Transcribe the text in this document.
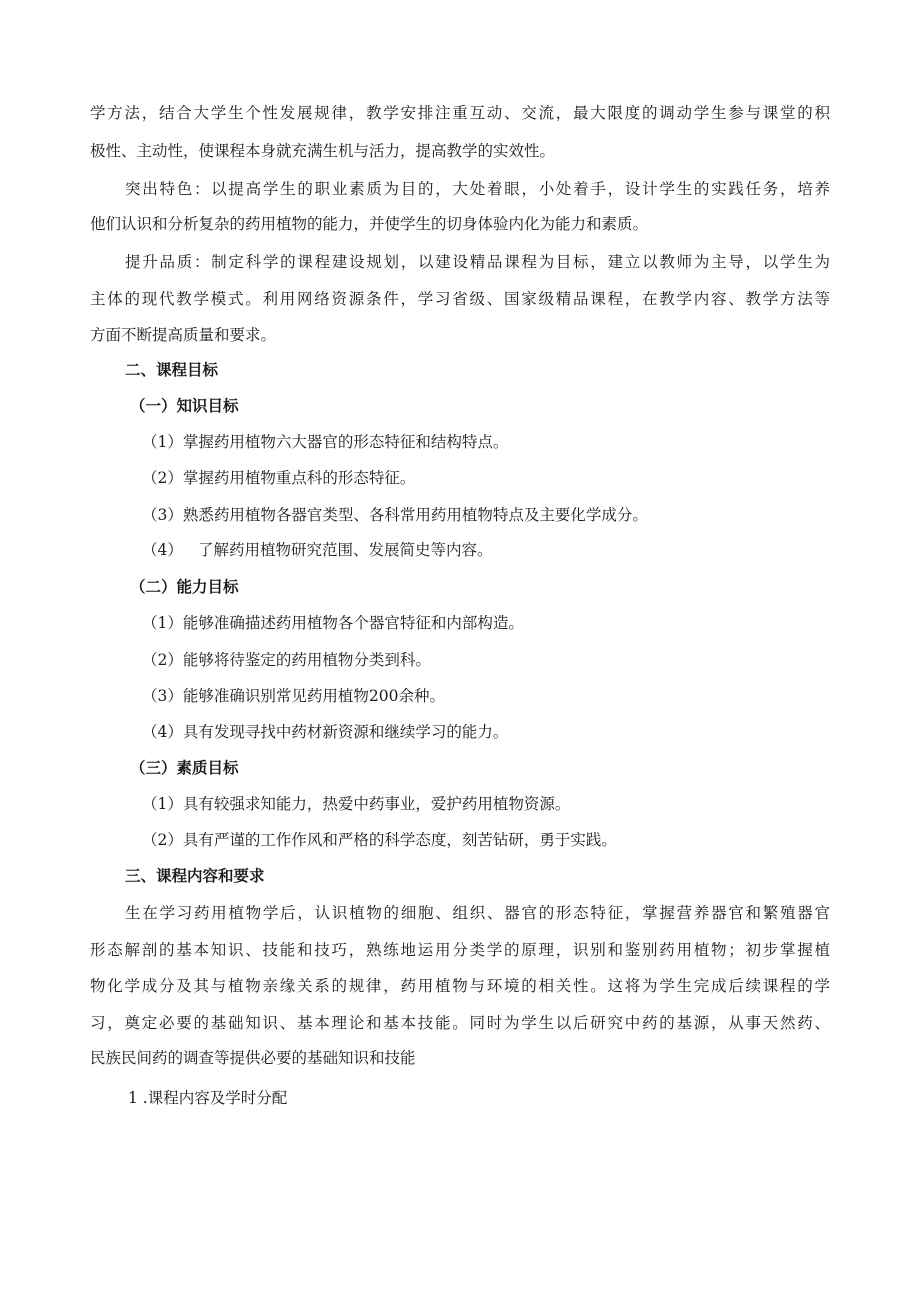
学方法，结合大学生个性发展规律，教学安排注重互动、交流，最大限度的调动学生参与课堂的积
极性、主动性，使课程本身就充满生机与活力，提高教学的实效性。
突出特色：以提高学生的职业素质为目的，大处着眼，小处着手，设计学生的实践任务，培养
他们认识和分析复杂的药用植物的能力，并使学生的切身体验内化为能力和素质。
提升品质：制定科学的课程建设规划，以建设精品课程为目标，建立以教师为主导，以学生为
主体的现代教学模式。利用网络资源条件，学习省级、国家级精品课程，在教学内容、教学方法等
方面不断提高质量和要求。
二、课程目标
（一）知识目标
（1）掌握药用植物六大器官的形态特征和结构特点。
（2）掌握药用植物重点科的形态特征。
（3）熟悉药用植物各器官类型、各科常用药用植物特点及主要化学成分。
（4） 了解药用植物研究范围、发展简史等内容。
（二）能力目标
（1）能够准确描述药用植物各个器官特征和内部构造。
（2）能够将待鉴定的药用植物分类到科。
（3）能够准确识别常见药用植物200余种。
（4）具有发现寻找中药材新资源和继续学习的能力。
（三）素质目标
（1）具有较强求知能力，热爱中药事业，爱护药用植物资源。
（2）具有严谨的工作作风和严格的科学态度，刻苦钻研，勇于实践。
三、课程内容和要求
生在学习药用植物学后，认识植物的细胞、组织、器官的形态特征，掌握营养器官和繁殖器官
形态解剖的基本知识、技能和技巧，熟练地运用分类学的原理，识别和鉴别药用植物；初步掌握植
物化学成分及其与植物亲缘关系的规律，药用植物与环境的相关性。这将为学生完成后续课程的学
习，奠定必要的基础知识、基本理论和基本技能。同时为学生以后研究中药的基源，从事天然药、
民族民间药的调查等提供必要的基础知识和技能
1 .课程内容及学时分配
